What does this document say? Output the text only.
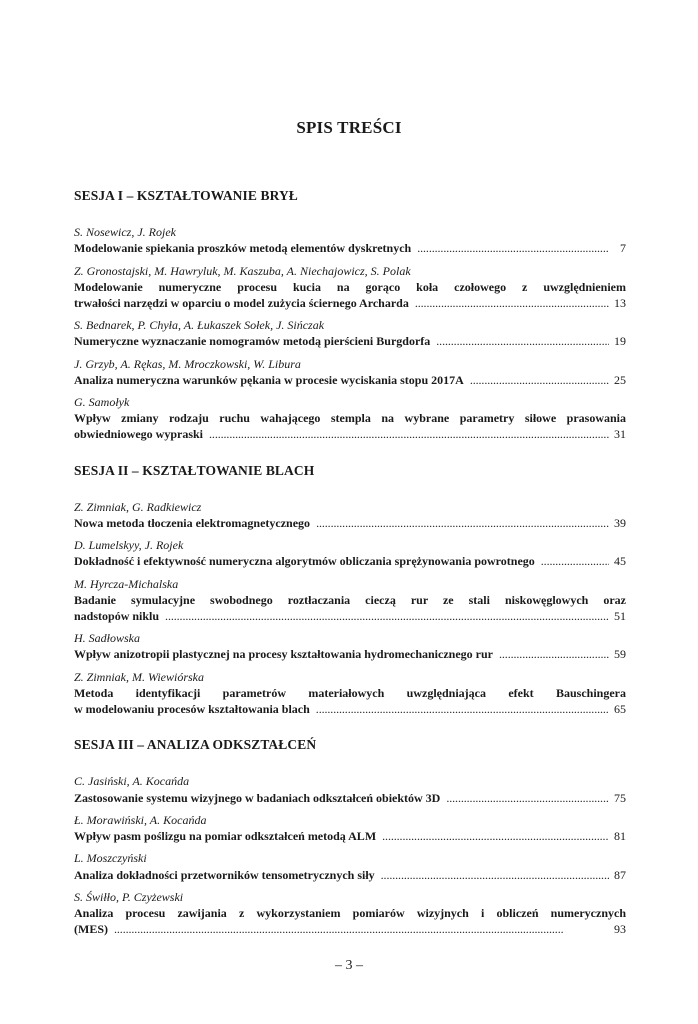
SPIS TREŚCI
SESJA I – KSZTAŁTOWANIE BRYŁ
S. Nosewicz, J. Rojek
Modelowanie spiekania proszków metodą elementów dyskretnych . . .	7
Z. Gronostajski, M. Hawryluk, M. Kaszuba, A. Niechajowicz, S. Polak
Modelowanie numeryczne procesu kucia na gorąco koła czołowego z uwzględnieniem
trwałości narzędzi w oparciu o model zużycia ściernego Archarda . . .	13
S. Bednarek, P. Chyła, A. Łukaszek Sołek, J. Sińczak
Numeryczne wyznaczanie nomogramów metodą pierścieni Burgdorfa . . .	19
J. Grzyb, A. Rękas, M. Mroczkowski, W. Libura
Analiza numeryczna warunków pękania w procesie wyciskania stopu 2017A . . .	25
G. Samołyk
Wpływ zmiany rodzaju ruchu wahającego stempla na wybrane parametry siłowe prasowania
obwiedniowego wypraski . . .	31
SESJA II – KSZTAŁTOWANIE BLACH
Z. Zimniak, G. Radkiewicz
Nowa metoda tłoczenia elektromagnetycznego . . .	39
D. Lumelskyy, J. Rojek
Dokładność i efektywność numeryczna algorytmów obliczania sprężynowania powrotnego . . .	45
M. Hyrcza-Michalska
Badanie symulacyjne swobodnego roztłaczania cieczą rur ze stali niskowęglowych oraz
nadstopów niklu . . .	51
H. Sadłowska
Wpływ anizotropii plastycznej na procesy kształtowania hydromechanicznego rur . . .	59
Z. Zimniak, M. Wiewiórska
Metoda identyfikacji parametrów materiałowych uwzględniająca efekt Bauschingera
w modelowaniu procesów kształtowania blach . . .	65
SESJA III – ANALIZA ODKSZTAŁCEŃ
C. Jasiński, A. Kocańda
Zastosowanie systemu wizyjnego w badaniach odkształceń obiektów 3D . . .	75
Ł. Morawiński, A. Kocańda
Wpływ pasm poślizgu na pomiar odkształceń metodą ALM . . .	81
L. Moszczyński
Analiza dokładności przetworników tensometrycznych siły . . .	87
S. Świłło, P. Czyżewski
Analiza procesu zawijania z wykorzystaniem pomiarów wizyjnych i obliczeń numerycznych
(MES) . . .	93
– 3 –
